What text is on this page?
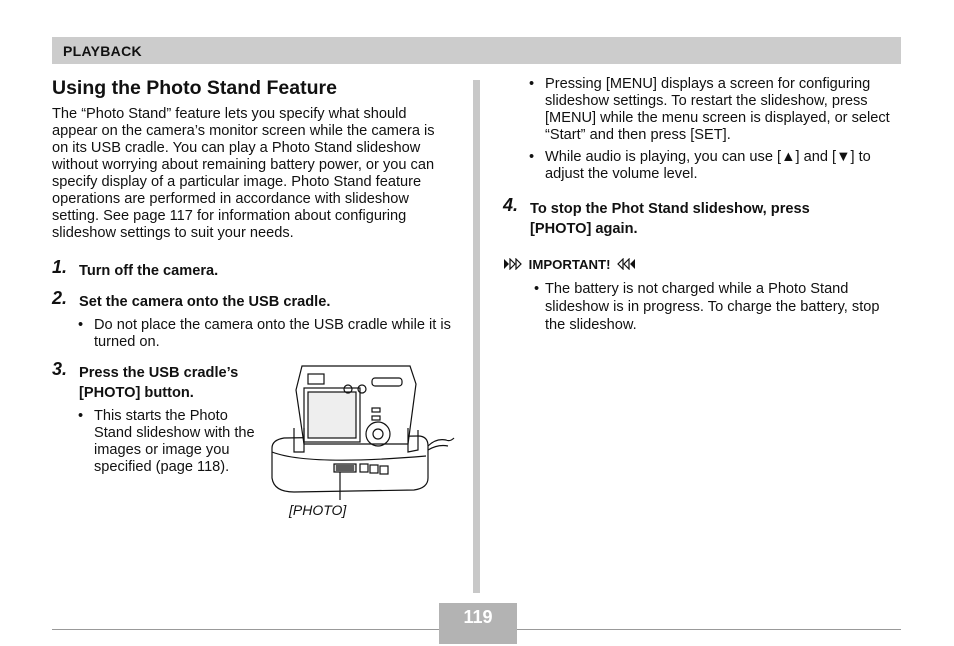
PLAYBACK
Using the Photo Stand Feature

The “Photo Stand” feature lets you specify what should appear on the camera’s monitor screen while the camera is on its USB cradle. You can play a Photo Stand slideshow without worrying about remaining battery power, or you can specify display of a particular image. Photo Stand feature operations are performed in accordance with slideshow setting. See page 117 for information about configuring slideshow settings to suit your needs.

1. Turn off the camera.
2. Set the camera onto the USB cradle.
• Do not place the camera onto the USB cradle while it is turned on.
3. Press the USB cradle’s
[PHOTO] button.
• This starts the Photo Stand slideshow with the images or image you specified (page 118).
[PHOTO]
• Pressing [MENU] displays a screen for configuring slideshow settings. To restart the slideshow, press [MENU] while the menu screen is displayed, or select “Start” and then press [SET].
• While audio is playing, you can use [▲] and [▼] to adjust the volume level.
4. To stop the Phot Stand slideshow, press
[PHOTO] again.
IMPORTANT!
• The battery is not charged while a Photo Stand slideshow is in progress. To charge the battery, stop the slideshow.
119
